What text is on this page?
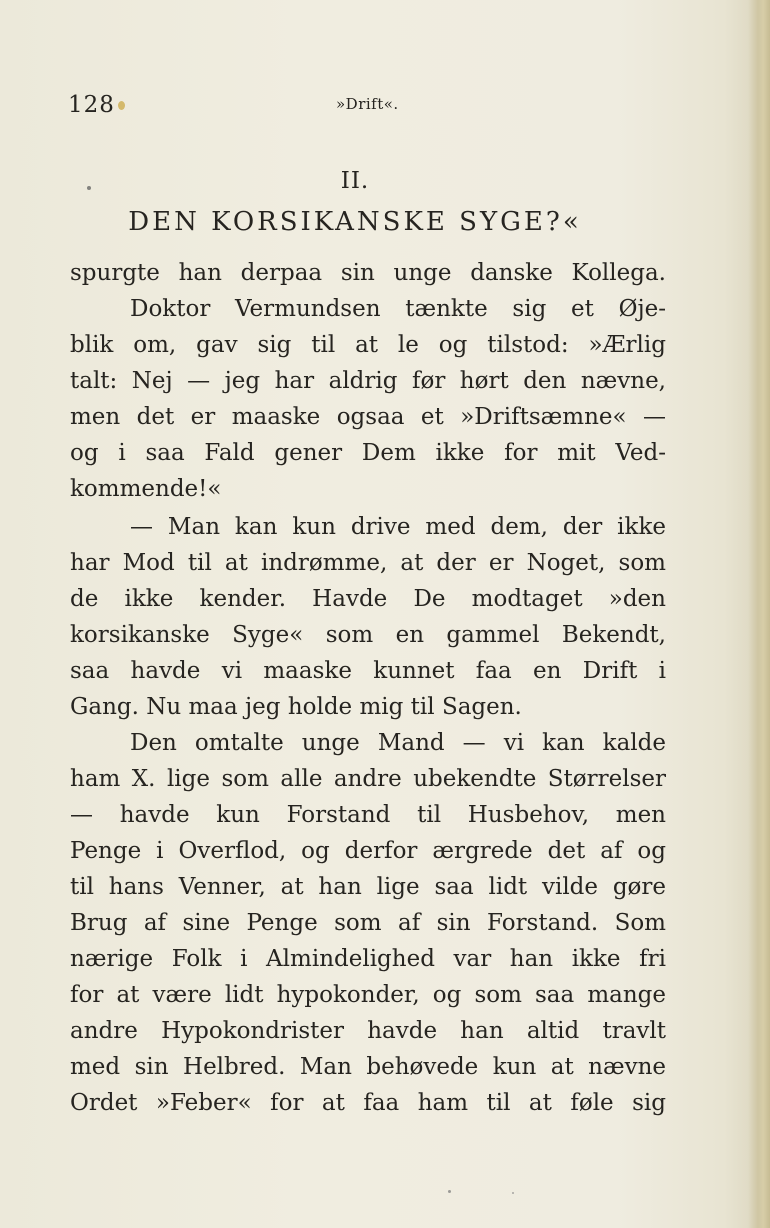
128	»Drift«.
II.
DEN KORSIKANSKE SYGE?«
spurgte han derpaa sin unge danske Kollega.
Doktor Vermundsen tænkte sig et Øje-
blik om, gav sig til at le og tilstod: »Ærlig
talt: Nej — jeg har aldrig før hørt den nævne,
men det er maaske ogsaa et »Driftsæmne« —
og i saa Fald gener Dem ikke for mit Ved-
kommende!«
— Man kan kun drive med dem, der ikke
har Mod til at indrømme, at der er Noget, som
de ikke kender. Havde De modtaget »den
korsikanske Syge« som en gammel Bekendt,
saa havde vi maaske kunnet faa en Drift i
Gang. Nu maa jeg holde mig til Sagen.
Den omtalte unge Mand — vi kan kalde
ham X. lige som alle andre ubekendte Størrelser
— havde kun Forstand til Husbehov, men
Penge i Overflod, og derfor ærgrede det af og
til hans Venner, at han lige saa lidt vilde gøre
Brug af sine Penge som af sin Forstand. Som
nærige Folk i Almindelighed var han ikke fri
for at være lidt hypokonder, og som saa mange
andre Hypokondrister havde han altid travlt
med sin Helbred. Man behøvede kun at nævne
Ordet »Feber« for at faa ham til at føle sig
